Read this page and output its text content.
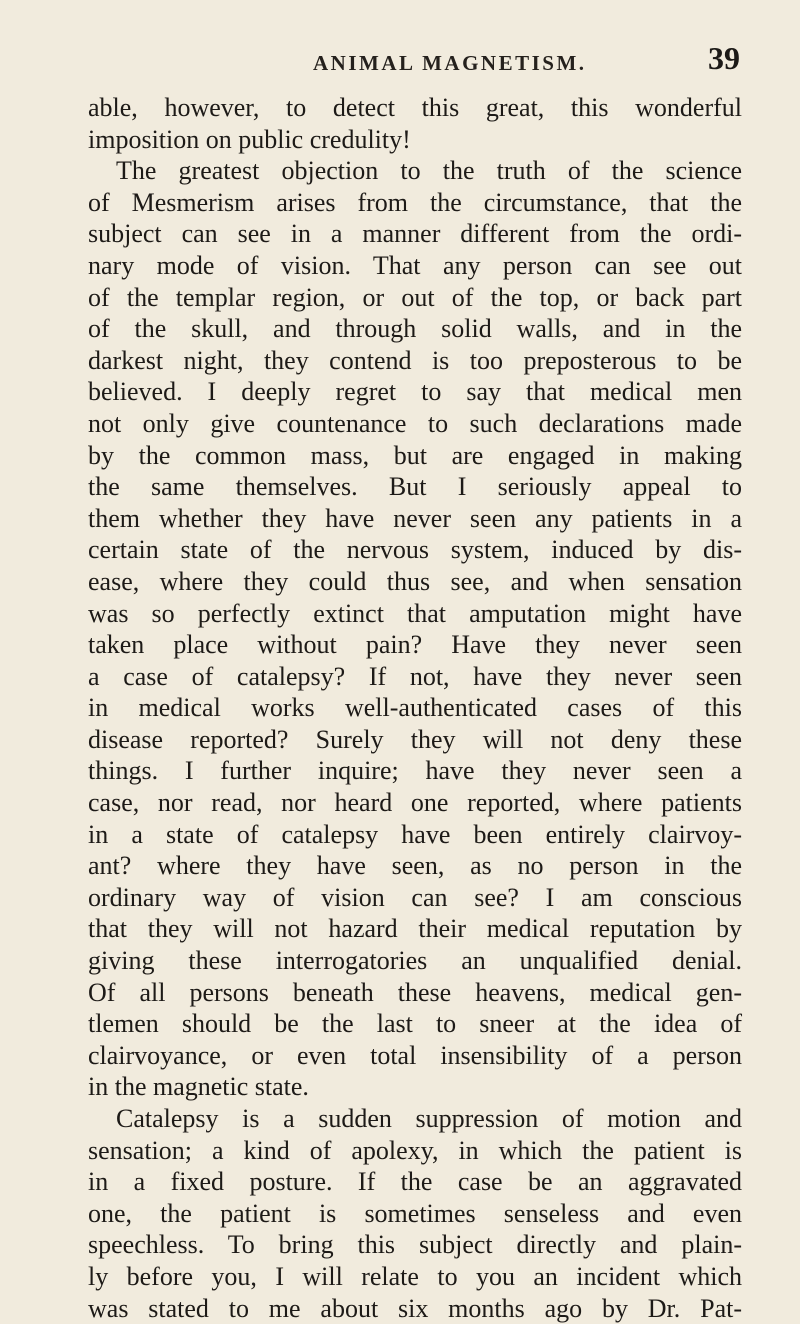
ANIMAL MAGNETISM.	39
able, however, to detect this great, this wonderful
imposition on public credulity!
The greatest objection to the truth of the science
of Mesmerism arises from the circumstance, that the
subject can see in a manner different from the ordi-
nary mode of vision. That any person can see out
of the templar region, or out of the top, or back part
of the skull, and through solid walls, and in the
darkest night, they contend is too preposterous to be
believed. I deeply regret to say that medical men
not only give countenance to such declarations made
by the common mass, but are engaged in making
the same themselves. But I seriously appeal to
them whether they have never seen any patients in a
certain state of the nervous system, induced by dis-
ease, where they could thus see, and when sensation
was so perfectly extinct that amputation might have
taken place without pain? Have they never seen
a case of catalepsy? If not, have they never seen
in medical works well-authenticated cases of this
disease reported? Surely they will not deny these
things. I further inquire; have they never seen a
case, nor read, nor heard one reported, where patients
in a state of catalepsy have been entirely clairvoy-
ant? where they have seen, as no person in the
ordinary way of vision can see? I am conscious
that they will not hazard their medical reputation by
giving these interrogatories an unqualified denial.
Of all persons beneath these heavens, medical gen-
tlemen should be the last to sneer at the idea of
clairvoyance, or even total insensibility of a person
in the magnetic state.
Catalepsy is a sudden suppression of motion and
sensation; a kind of apolexy, in which the patient is
in a fixed posture. If the case be an aggravated
one, the patient is sometimes senseless and even
speechless. To bring this subject directly and plain-
ly before you, I will relate to you an incident which
was stated to me about six months ago by Dr. Pat-
